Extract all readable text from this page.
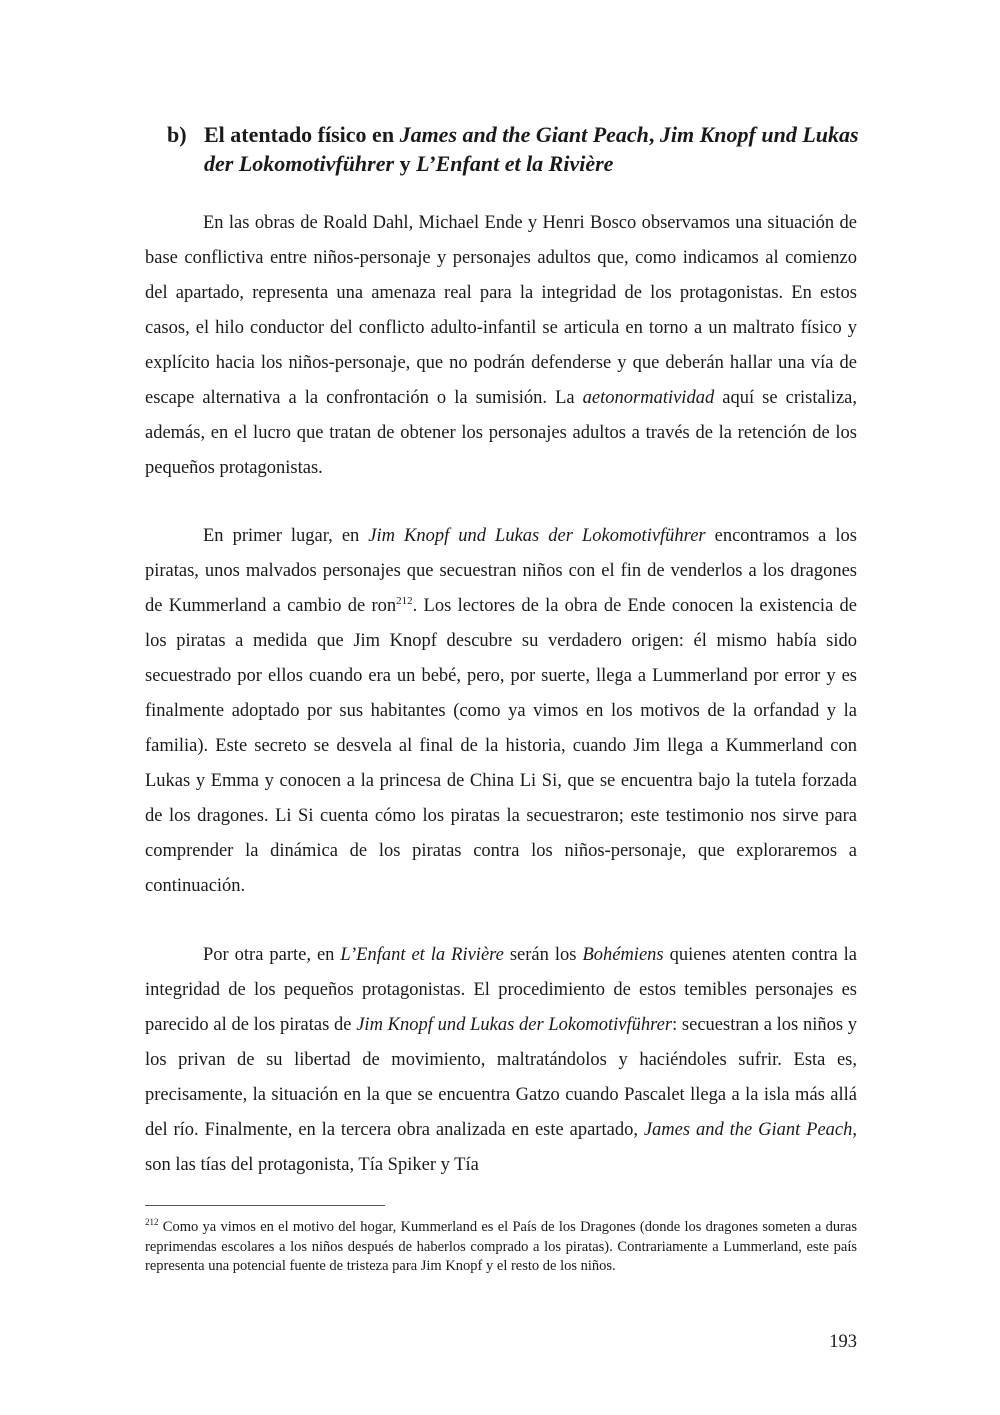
b) El atentado físico en James and the Giant Peach, Jim Knopf und Lukas der Lokomotivführer y L’Enfant et la Rivière

En las obras de Roald Dahl, Michael Ende y Henri Bosco observamos una situación de base conflictiva entre niños-personaje y personajes adultos que, como indicamos al comienzo del apartado, representa una amenaza real para la integridad de los protagonistas. En estos casos, el hilo conductor del conflicto adulto-infantil se articula en torno a un maltrato físico y explícito hacia los niños-personaje, que no podrán defenderse y que deberán hallar una vía de escape alternativa a la confrontación o la sumisión. La aetonormatividad aquí se cristaliza, además, en el lucro que tratan de obtener los personajes adultos a través de la retención de los pequeños protagonistas.

En primer lugar, en Jim Knopf und Lukas der Lokomotivführer encontramos a los piratas, unos malvados personajes que secuestran niños con el fin de venderlos a los dragones de Kummerland a cambio de ron$^{212}$. Los lectores de la obra de Ende conocen la existencia de los piratas a medida que Jim Knopf descubre su verdadero origen: él mismo había sido secuestrado por ellos cuando era un bebé, pero, por suerte, llega a Lummerland por error y es finalmente adoptado por sus habitantes (como ya vimos en los motivos de la orfandad y la familia). Este secreto se desvela al final de la historia, cuando Jim llega a Kummerland con Lukas y Emma y conocen a la princesa de China Li Si, que se encuentra bajo la tutela forzada de los dragones. Li Si cuenta cómo los piratas la secuestraron; este testimonio nos sirve para comprender la dinámica de los piratas contra los niños-personaje, que exploraremos a continuación.

Por otra parte, en L’Enfant et la Rivière serán los Bohémiens quienes atenten contra la integridad de los pequeños protagonistas. El procedimiento de estos temibles personajes es parecido al de los piratas de Jim Knopf und Lukas der Lokomotivführer: secuestran a los niños y los privan de su libertad de movimiento, maltratándolos y haciéndoles sufrir. Esta es, precisamente, la situación en la que se encuentra Gatzo cuando Pascalet llega a la isla más allá del río. Finalmente, en la tercera obra analizada en este apartado, James and the Giant Peach, son las tías del protagonista, Tía Spiker y Tía

$^{212}$ Como ya vimos en el motivo del hogar, Kummerland es el País de los Dragones (donde los dragones someten a duras reprimendas escolares a los niños después de haberlos comprado a los piratas). Contrariamente a Lummerland, este país representa una potencial fuente de tristeza para Jim Knopf y el resto de los niños.

193
